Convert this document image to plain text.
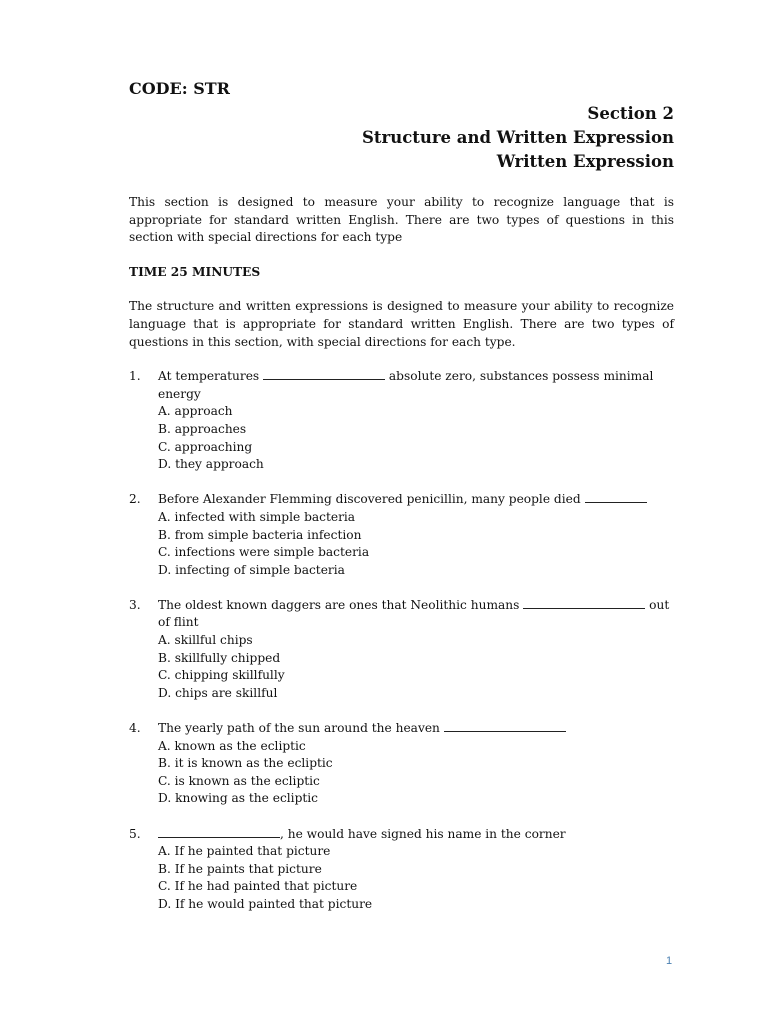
CODE: STR
Section 2
Structure and Written Expression
Written Expression

This section is designed to measure your ability to recognize language that is appropriate for standard written English. There are two types of questions in this section with special directions for each type

TIME 25 MINUTES

The structure and written expressions is designed to measure your ability to recognize language that is appropriate for standard written English. There are two types of questions in this section, with special directions for each type.

1. At temperatures	absolute zero, substances possess minimal energy
A. approach
B. approaches
C. approaching
D. they approach
2. Before Alexander Flemming discovered penicillin, many people died
A. infected with simple bacteria
B. from simple bacteria infection
C. infections were simple bacteria
D. infecting of simple bacteria
3. The oldest known daggers are ones that Neolithic humans	out of flint
A. skillful chips
B. skillfully chipped
C. chipping skillfully
D. chips are skillful
4. The yearly path of the sun around the heaven
A. known as the ecliptic
B. it is known as the ecliptic
C. is known as the ecliptic
D. knowing as the ecliptic
5.	, he would have signed his name in the corner
A. If he painted that picture
B. If he paints that picture
C. If he had painted that picture
D. If he would painted that picture
1
